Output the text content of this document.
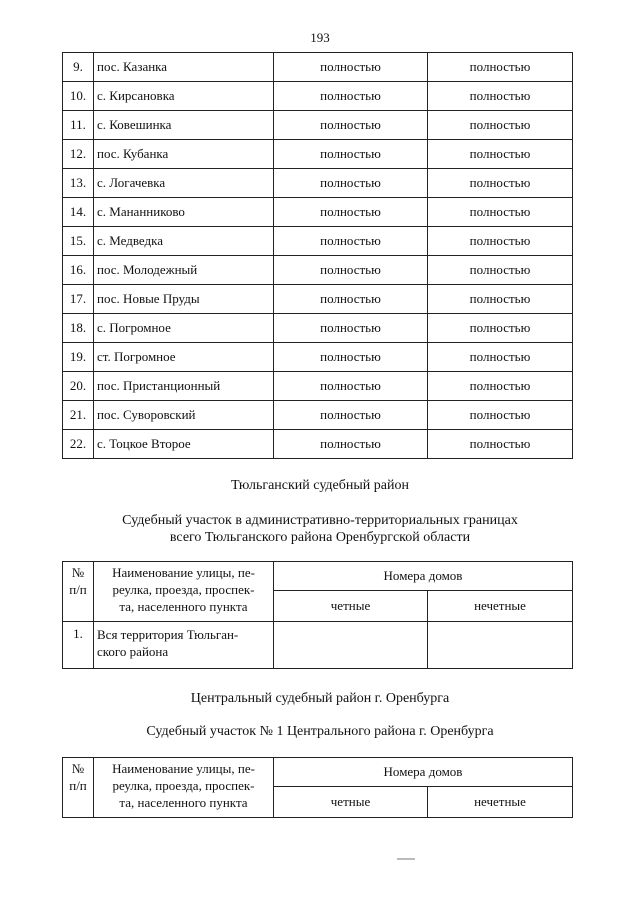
193
9.	пос. Казанка	полностью	полностью
10.	с. Кирсановка	полностью	полностью
11.	с. Ковешинка	полностью	полностью
12.	пос. Кубанка	полностью	полностью
13.	с. Логачевка	полностью	полностью
14.	с. Мананниково	полностью	полностью
15.	с. Медведка	полностью	полностью
16.	пос. Молодежный	полностью	полностью
17.	пос. Новые Пруды	полностью	полностью
18.	с. Погромное	полностью	полностью
19.	ст. Погромное	полностью	полностью
20.	пос. Пристанционный	полностью	полностью
21.	пос. Суворовский	полностью	полностью
22.	с. Тоцкое Второе	полностью	полностью
Тюльганский судебный район
Судебный участок в административно-территориальных границах
всего Тюльганского района Оренбургской области
№
п/п	Наименование улицы, пе-
реулка, проезда, проспек-
та, населенного пункта	Номера домов	
		четные	нечетные
1.	Вся территория Тюльган-
ского района		
Центральный судебный район г. Оренбурга
Судебный участок № 1 Центрального района г. Оренбурга
№
п/п	Наименование улицы, пе-
реулка, проезда, проспек-
та, населенного пункта	Номера домов	
		четные	нечетные
